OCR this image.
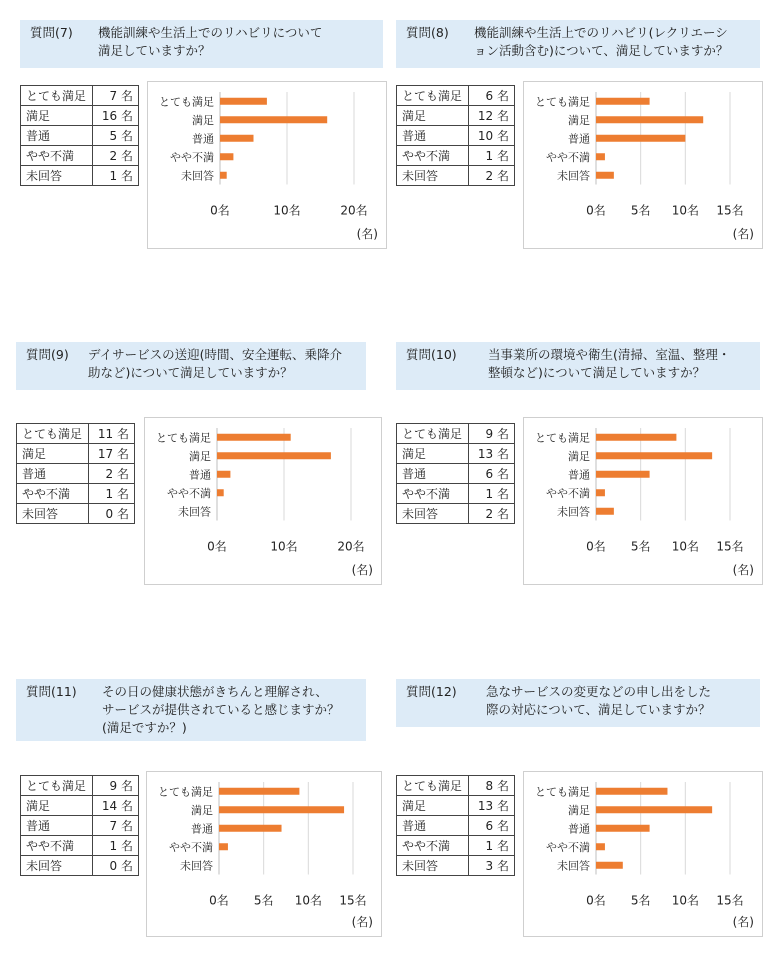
質問(7) 機能訓練や生活上でのリハビリについて
満足していますか？
とても満足	7 名
満足	16 名
普通	5 名
やや不満	2 名
未回答	1 名
0名	10名	20名
とても満足
満足
普通
やや不満
未回答
(名)
質問(8) 機能訓練や生活上でのリハビリ(レクリエーシ
ョン活動含む)について、満足していますか？
とても満足	6 名
満足	12 名
普通	10 名
やや不満	1 名
未回答	2 名
0名 5名 10名 15名
とても満足
満足
普通
やや不満
未回答
(名)
質問(9) デイサービスの送迎(時間、安全運転、乗降介
助など)について満足していますか？
とても満足	11 名
満足	17 名
普通	2 名
やや不満	1 名
未回答	0 名
0名	10名	20名
とても満足
満足
普通
やや不満
未回答
(名)
質問(10)	当事業所の環境や衛生(清掃、室温、整理・
整頓など)について満足していますか？
とても満足	9 名
満足	13 名
普通	6 名
やや不満	1 名
未回答	2 名
0名 5名 10名 15名
とても満足
満足
普通
やや不満
未回答
(名)
質問(11) その日の健康状態がきちんと理解され、
サービスが提供されていると感じますか？
(満足ですか？)
とても満足	9 名
満足	14 名
普通	7 名
やや不満	1 名
未回答	0 名
0名 5名 10名 15名
とても満足
満足
普通
やや不満
未回答
(名)
質問(12) 急なサービスの変更などの申し出をした
際の対応について、満足していますか？
とても満足	8 名
満足	13 名
普通	6 名
やや不満	1 名
未回答	3 名
0名 5名 10名 15名
とても満足
満足
普通
やや不満
未回答
(名)
